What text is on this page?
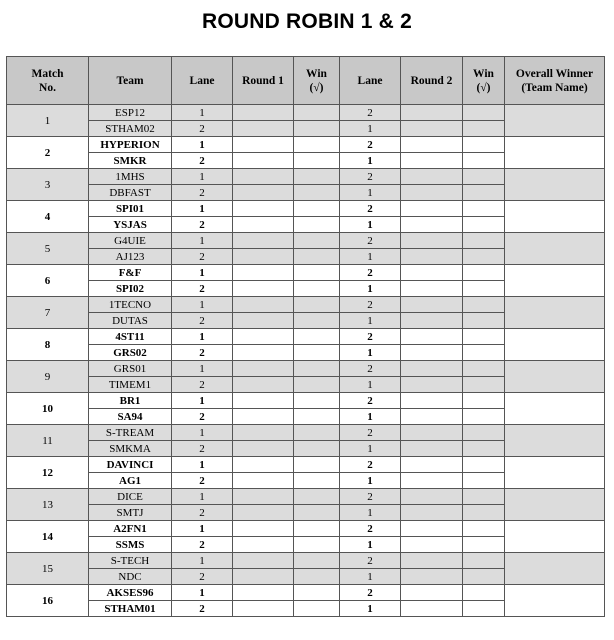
ROUND ROBIN 1 & 2
Match No.	Team	Lane	Round 1	Win (√)	Lane	Round 2	Win (√)	Overall Winner (Team Name)
1	ESP12	1			2			
	STHAM02	2			1			
2	HYPERION	1			2			
	SMKR	2			1			
3	1MHS	1			2			
	DBFAST	2			1			
4	SPI01	1			2			
	YSJAS	2			1			
5	G4UIE	1			2			
	AJ123	2			1			
6	F&F	1			2			
	SPI02	2			1			
7	1TECNO	1			2			
	DUTAS	2			1			
8	4ST11	1			2			
	GRS02	2			1			
9	GRS01	1			2			
	TIMEM1	2			1			
10	BR1	1			2			
	SA94	2			1			
11	S-TREAM	1			2			
	SMKMA	2			1			
12	DAVINCI	1			2			
	AG1	2			1			
13	DICE	1			2			
	SMTJ	2			1			
14	A2FN1	1			2			
	SSMS	2			1			
15	S-TECH	1			2			
	NDC	2			1			
16	AKSES96	1			2			
	STHAM01	2			1			
